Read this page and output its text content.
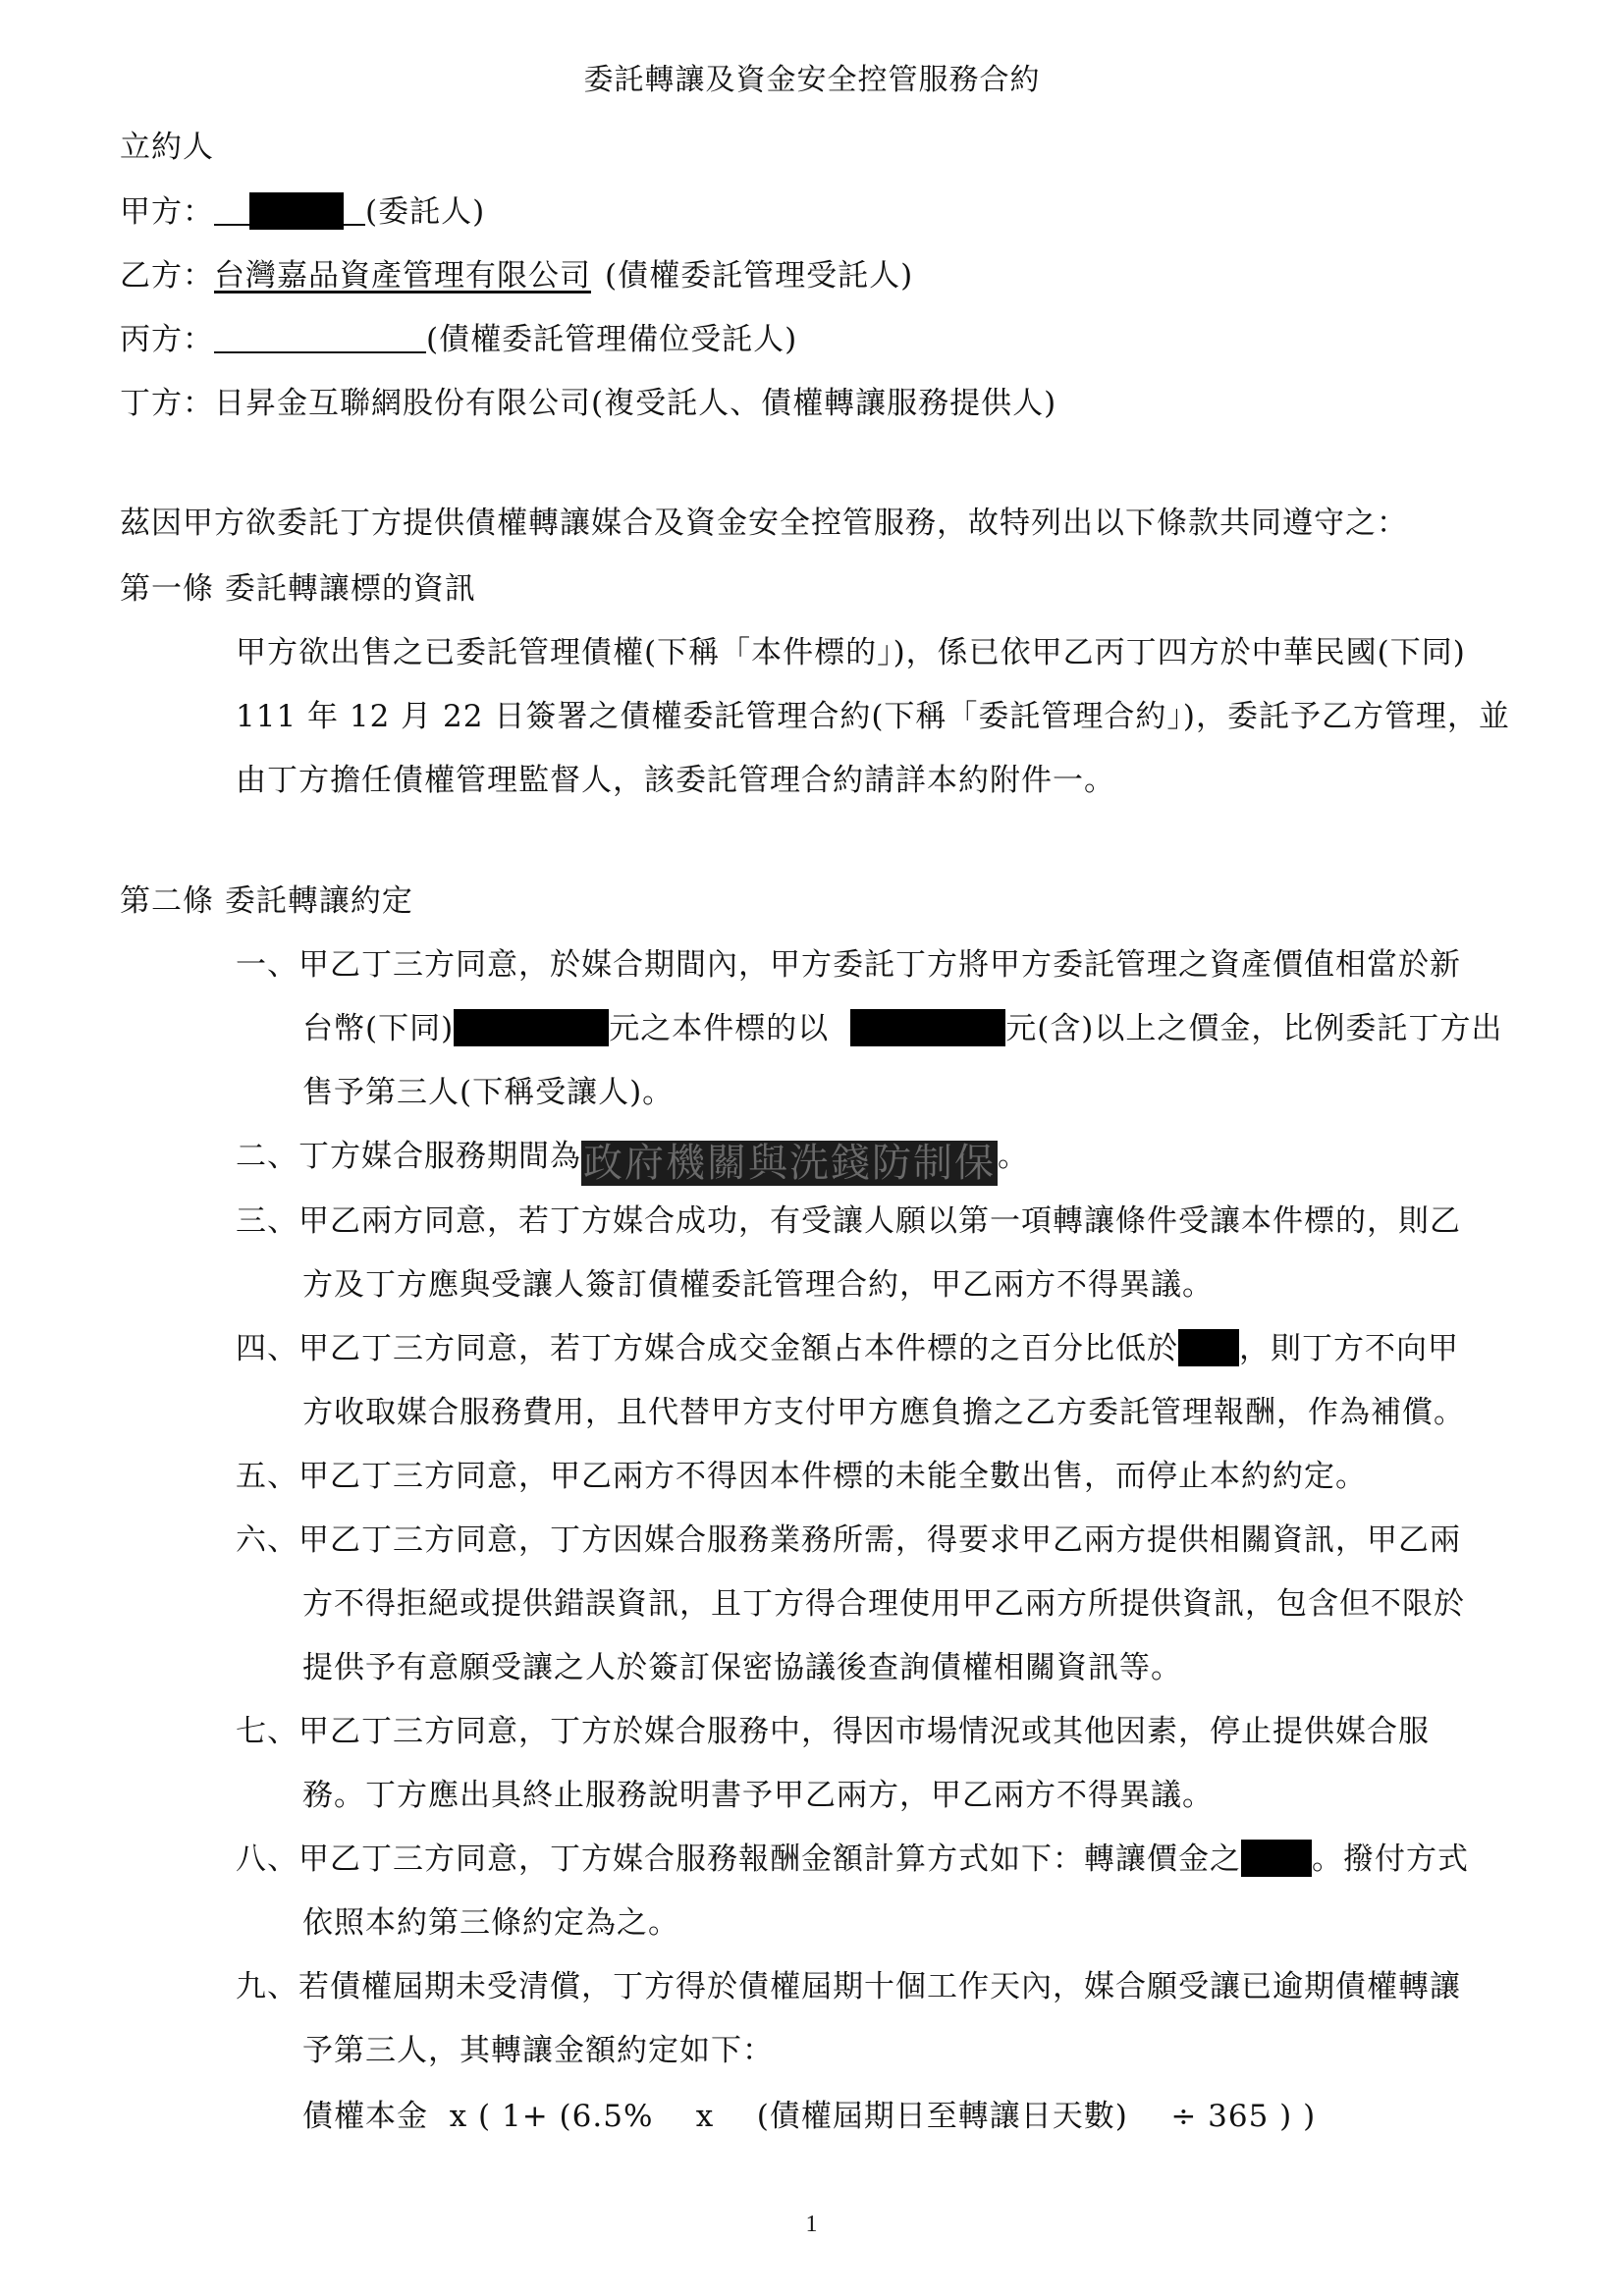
委託轉讓及資金安全控管服務合約
立約人
甲方：	(委託人)
乙方：台灣嘉品資產管理有限公司 (債權委託管理受託人)
丙方：	(債權委託管理備位受託人)
丁方：日昇金互聯網股份有限公司(複受託人、債權轉讓服務提供人)
茲因甲方欲委託丁方提供債權轉讓媒合及資金安全控管服務，故特列出以下條款共同遵守之：
第一條 委託轉讓標的資訊
甲方欲出售之已委託管理債權(下稱「本件標的」)，係已依甲乙丙丁四方於中華民國(下同)
111 年 12 月 22 日簽署之債權委託管理合約(下稱「委託管理合約」)，委託予乙方管理，並
由丁方擔任債權管理監督人，該委託管理合約請詳本約附件一。
第二條 委託轉讓約定
一、甲乙丁三方同意，於媒合期間內，甲方委託丁方將甲方委託管理之資產價值相當於新
台幣(下同)	元之本件標的以	元(含)以上之價金，比例委託丁方出
售予第三人(下稱受讓人)。
二、丁方媒合服務期間為政府機關與洗錢防制保。
三、甲乙兩方同意，若丁方媒合成功，有受讓人願以第一項轉讓條件受讓本件標的，則乙
方及丁方應與受讓人簽訂債權委託管理合約，甲乙兩方不得異議。
四、甲乙丁三方同意，若丁方媒合成交金額占本件標的之百分比低於 ，則丁方不向甲
方收取媒合服務費用，且代替甲方支付甲方應負擔之乙方委託管理報酬，作為補償。
五、甲乙丁三方同意，甲乙兩方不得因本件標的未能全數出售，而停止本約約定。
六、甲乙丁三方同意，丁方因媒合服務業務所需，得要求甲乙兩方提供相關資訊，甲乙兩
方不得拒絕或提供錯誤資訊，且丁方得合理使用甲乙兩方所提供資訊，包含但不限於
提供予有意願受讓之人於簽訂保密協議後查詢債權相關資訊等。
七、甲乙丁三方同意，丁方於媒合服務中，得因市場情況或其他因素，停止提供媒合服
務。丁方應出具終止服務說明書予甲乙兩方，甲乙兩方不得異議。
八、甲乙丁三方同意，丁方媒合服務報酬金額計算方式如下：轉讓價金之 。撥付方式
依照本約第三條約定為之。
九、若債權屆期未受清償，丁方得於債權屆期十個工作天內，媒合願受讓已逾期債權轉讓
予第三人，其轉讓金額約定如下：
債權本金  x ( 1+ (6.5%    x    (債權屆期日至轉讓日天數)    ÷ 365 ) )
1
